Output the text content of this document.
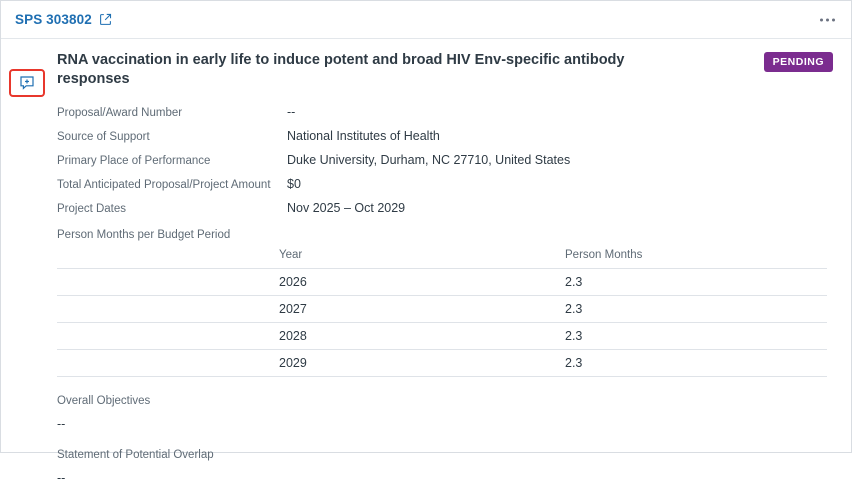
SPS 303802
RNA vaccination in early life to induce potent and broad HIV Env-specific antibody responses
PENDING
Proposal/Award Number	--
Source of Support	National Institutes of Health
Primary Place of Performance	Duke University, Durham, NC 27710, United States
Total Anticipated Proposal/Project Amount	$0
Project Dates	Nov 2025 – Oct 2029
Person Months per Budget Period
	Year	Person Months
	2026	2.3
	2027	2.3
	2028	2.3
	2029	2.3
Overall Objectives
--
Statement of Potential Overlap
--
